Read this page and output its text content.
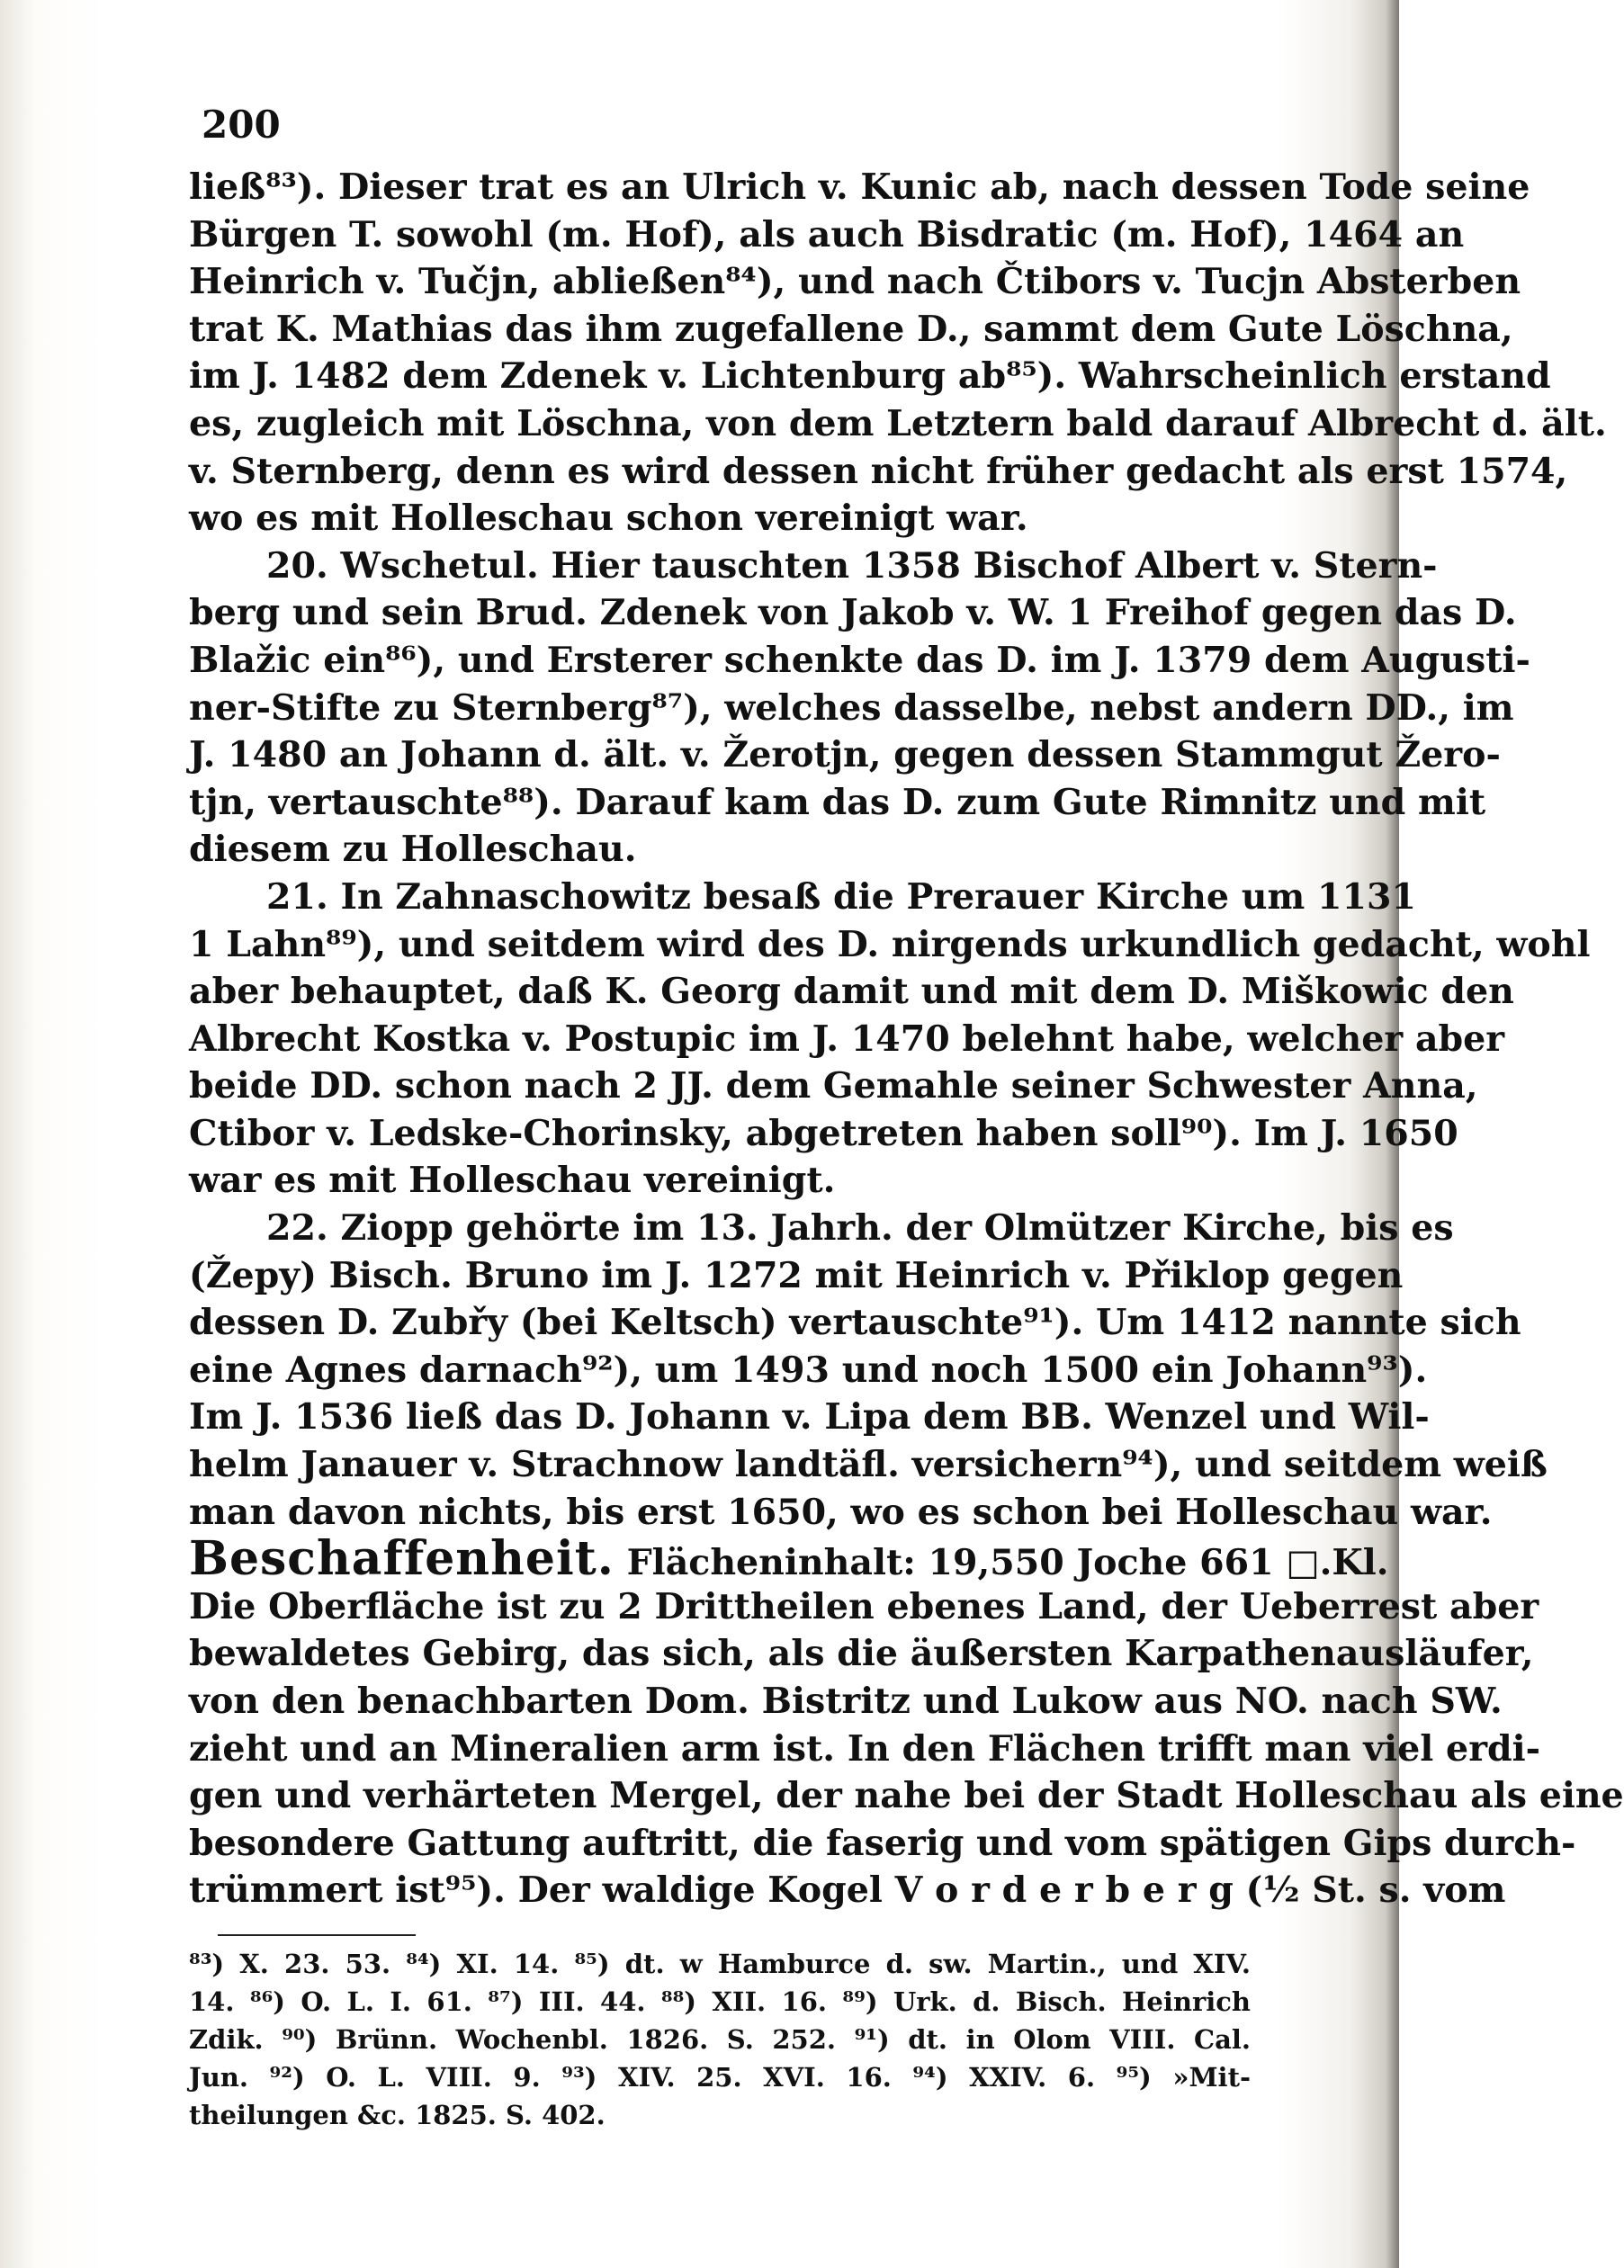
200
ließ⁸³). Dieser trat es an Ulrich v. Kunic ab, nach dessen Tode seine
Bürgen T. sowohl (m. Hof), als auch Bisdratic (m. Hof), 1464 an
Heinrich v. Tučjn, abließen⁸⁴), und nach Čtibors v. Tucjn Absterben
trat K. Mathias das ihm zugefallene D., sammt dem Gute Löschna,
im J. 1482 dem Zdenek v. Lichtenburg ab⁸⁵). Wahrscheinlich erstand
es, zugleich mit Löschna, von dem Letztern bald darauf Albrecht d. ält.
v. Sternberg, denn es wird dessen nicht früher gedacht als erst 1574,
wo es mit Holleschau schon vereinigt war.
20. Wschetul. Hier tauschten 1358 Bischof Albert v. Stern-
berg und sein Brud. Zdenek von Jakob v. W. 1 Freihof gegen das D.
Blažic ein⁸⁶), und Ersterer schenkte das D. im J. 1379 dem Augusti-
ner-Stifte zu Sternberg⁸⁷), welches dasselbe, nebst andern DD., im
J. 1480 an Johann d. ält. v. Žerotjn, gegen dessen Stammgut Žero-
tjn, vertauschte⁸⁸). Darauf kam das D. zum Gute Rimnitz und mit
diesem zu Holleschau.
21. In Zahnaschowitz besaß die Prerauer Kirche um 1131
1 Lahn⁸⁹), und seitdem wird des D. nirgends urkundlich gedacht, wohl
aber behauptet, daß K. Georg damit und mit dem D. Miškowic den
Albrecht Kostka v. Postupic im J. 1470 belehnt habe, welcher aber
beide DD. schon nach 2 JJ. dem Gemahle seiner Schwester Anna,
Ctibor v. Ledske-Chorinsky, abgetreten haben soll⁹⁰). Im J. 1650
war es mit Holleschau vereinigt.
22. Ziopp gehörte im 13. Jahrh. der Olmützer Kirche, bis es
(Žepy) Bisch. Bruno im J. 1272 mit Heinrich v. Přiklop gegen
dessen D. Zubřy (bei Keltsch) vertauschte⁹¹). Um 1412 nannte sich
eine Agnes darnach⁹²), um 1493 und noch 1500 ein Johann⁹³).
Im J. 1536 ließ das D. Johann v. Lipa dem BB. Wenzel und Wil-
helm Janauer v. Strachnow landtäfl. versichern⁹⁴), und seitdem weiß
man davon nichts, bis erst 1650, wo es schon bei Holleschau war.
Beschaffenheit. Flächeninhalt: 19,550 Joche 661 □.Kl.
Die Oberfläche ist zu 2 Drittheilen ebenes Land, der Ueberrest aber
bewaldetes Gebirg, das sich, als die äußersten Karpathenausläufer,
von den benachbarten Dom. Bistritz und Lukow aus NO. nach SW.
zieht und an Mineralien arm ist. In den Flächen trifft man viel erdi-
gen und verhärteten Mergel, der nahe bei der Stadt Holleschau als eine
besondere Gattung auftritt, die faserig und vom spätigen Gips durch-
trümmert ist⁹⁵). Der waldige Kogel V o r d e r b e r g (½ St. s. vom
⁸³) X. 23. 53. ⁸⁴) XI. 14. ⁸⁵) dt. w Hamburce d. sw. Martin., und XIV.
14. ⁸⁶) O. L. I. 61. ⁸⁷) III. 44. ⁸⁸) XII. 16. ⁸⁹) Urk. d. Bisch. Heinrich
Zdik. ⁹⁰) Brünn. Wochenbl. 1826. S. 252. ⁹¹) dt. in Olom VIII. Cal.
Jun. ⁹²) O. L. VIII. 9. ⁹³) XIV. 25. XVI. 16. ⁹⁴) XXIV. 6. ⁹⁵) »Mit-
theilungen &c. 1825. S. 402.
